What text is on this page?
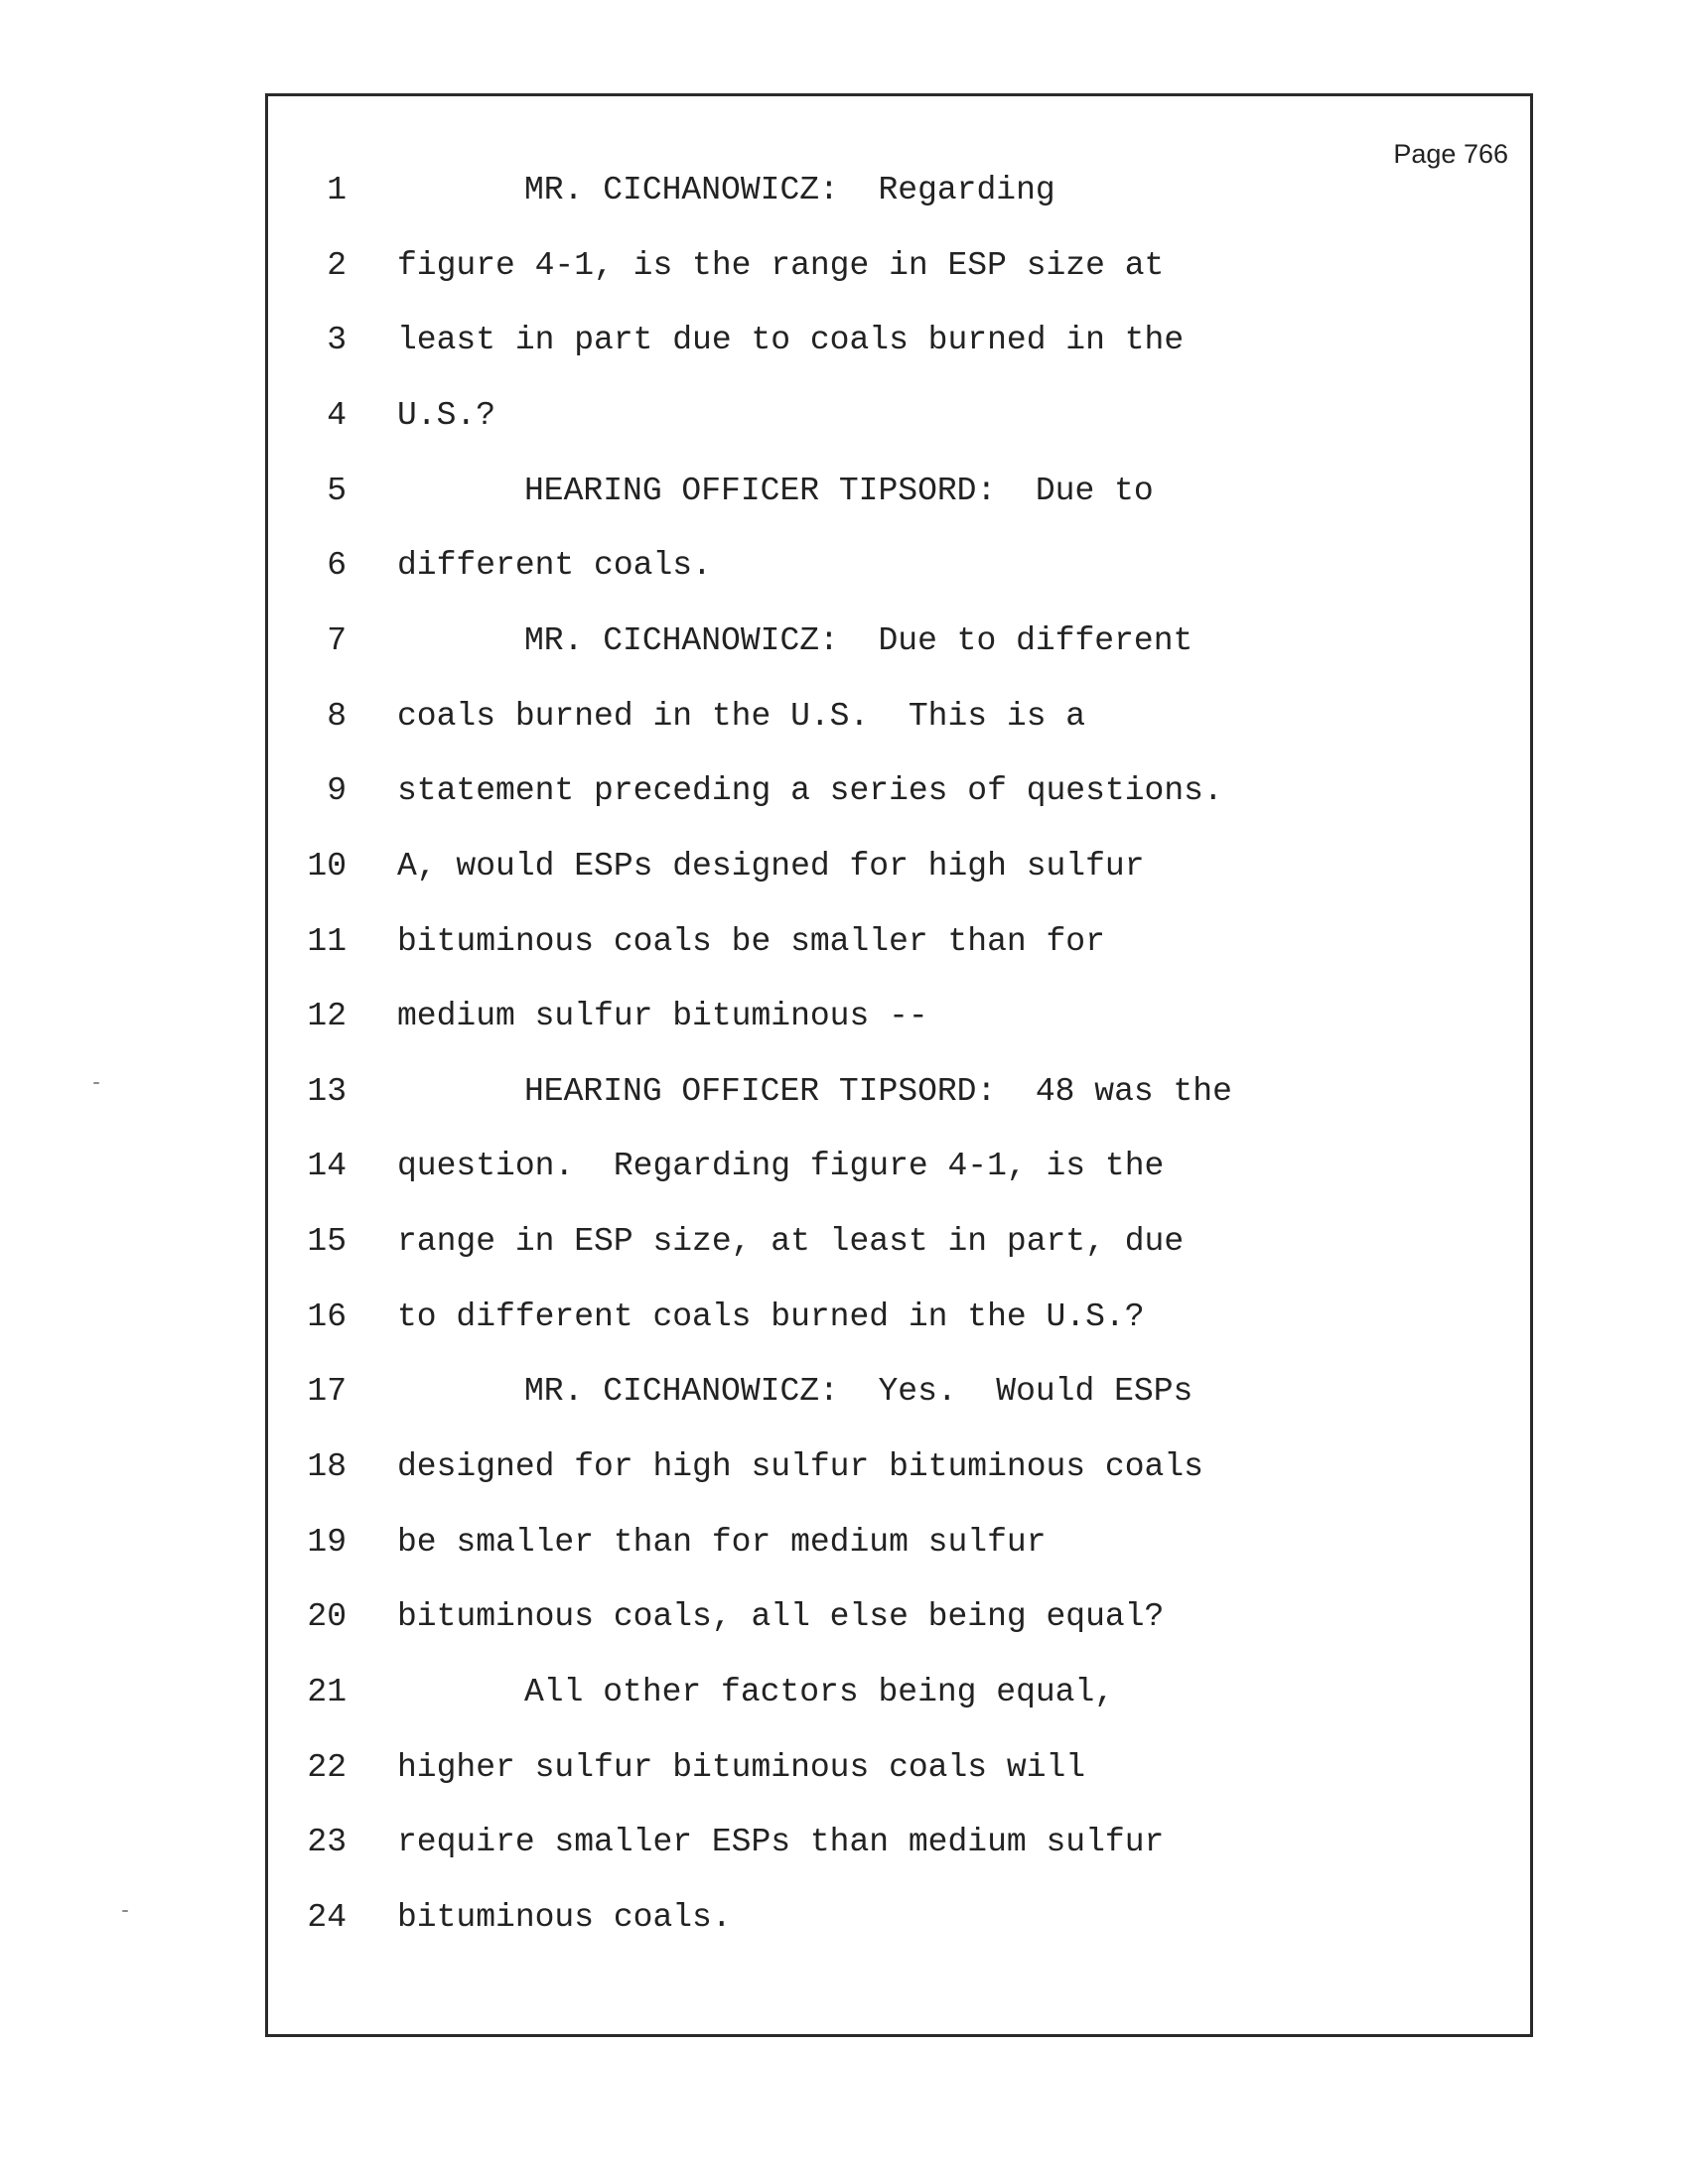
Page 766
1	MR. CICHANOWICZ:  Regarding
2 figure 4-1, is the range in ESP size at
3 least in part due to coals burned in the
4 U.S.?
5	HEARING OFFICER TIPSORD:  Due to
6 different coals.
7	MR. CICHANOWICZ:  Due to different
8 coals burned in the U.S.  This is a
9 statement preceding a series of questions.
10 A, would ESPs designed for high sulfur
11 bituminous coals be smaller than for
12 medium sulfur bituminous --
13	HEARING OFFICER TIPSORD:  48 was the
14 question.  Regarding figure 4-1, is the
15 range in ESP size, at least in part, due
16 to different coals burned in the U.S.?
17	MR. CICHANOWICZ:  Yes.  Would ESPs
18 designed for high sulfur bituminous coals
19 be smaller than for medium sulfur
20 bituminous coals, all else being equal?
21	All other factors being equal,
22 higher sulfur bituminous coals will
23 require smaller ESPs than medium sulfur
24 bituminous coals.
